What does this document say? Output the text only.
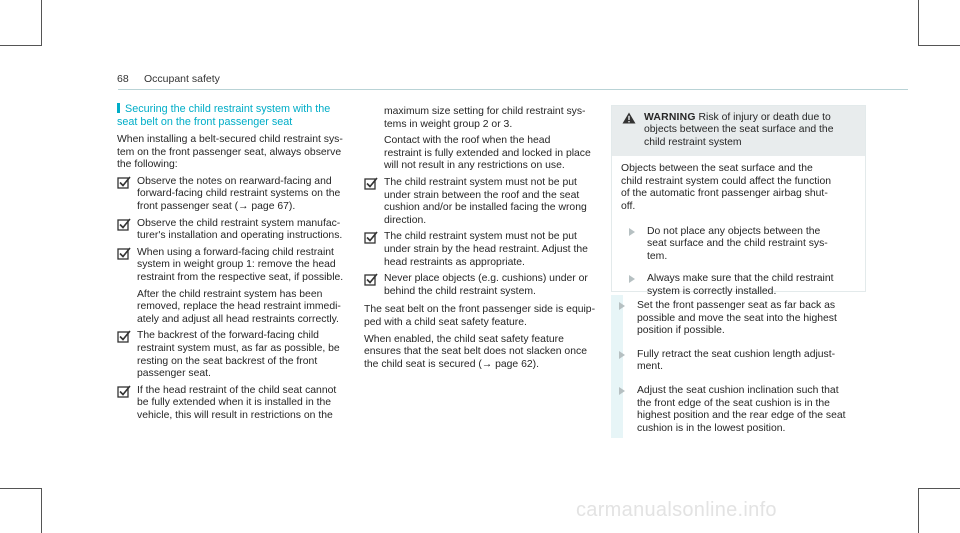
68 Occupant safety

Securing the child restraint system with the seat belt on the front passenger seat

When installing a belt-secured child restraint sys-
tem on the front passenger seat, always observe
the following:

Observe the notes on rearward-facing and
forward-facing child restraint systems on the
front passenger seat (→ page 67).
Observe the child restraint system manufac-
turer's installation and operating instructions.
When using a forward-facing child restraint
system in weight group 1: remove the head
restraint from the respective seat, if possible.
After the child restraint system has been
removed, replace the head restraint immedi-
ately and adjust all head restraints correctly.
The backrest of the forward-facing child
restraint system must, as far as possible, be
resting on the seat backrest of the front
passenger seat.
If the head restraint of the child seat cannot
be fully extended when it is installed in the
vehicle, this will result in restrictions on the
maximum size setting for child restraint sys-
tems in weight group 2 or 3.
Contact with the roof when the head
restraint is fully extended and locked in place
will not result in any restrictions on use.
The child restraint system must not be put
under strain between the roof and the seat
cushion and/or be installed facing the wrong
direction.
The child restraint system must not be put
under strain by the head restraint. Adjust the
head restraints as appropriate.
Never place objects (e.g. cushions) under or
behind the child restraint system.

The seat belt on the front passenger side is equip-
ped with a child seat safety feature.

When enabled, the child seat safety feature
ensures that the seat belt does not slacken once
the child seat is secured (→ page 62).

WARNING Risk of injury or death due to
objects between the seat surface and the
child restraint system
Objects between the seat surface and the
child restraint system could affect the function
of the automatic front passenger airbag shut-
off.
Do not place any objects between the
seat surface and the child restraint sys-
tem.
Always make sure that the child restraint
system is correctly installed.
Set the front passenger seat as far back as
possible and move the seat into the highest
position if possible.
Fully retract the seat cushion length adjust-
ment.
Adjust the seat cushion inclination such that
the front edge of the seat cushion is in the
highest position and the rear edge of the seat
cushion is in the lowest position.
carmanualsonline.info
